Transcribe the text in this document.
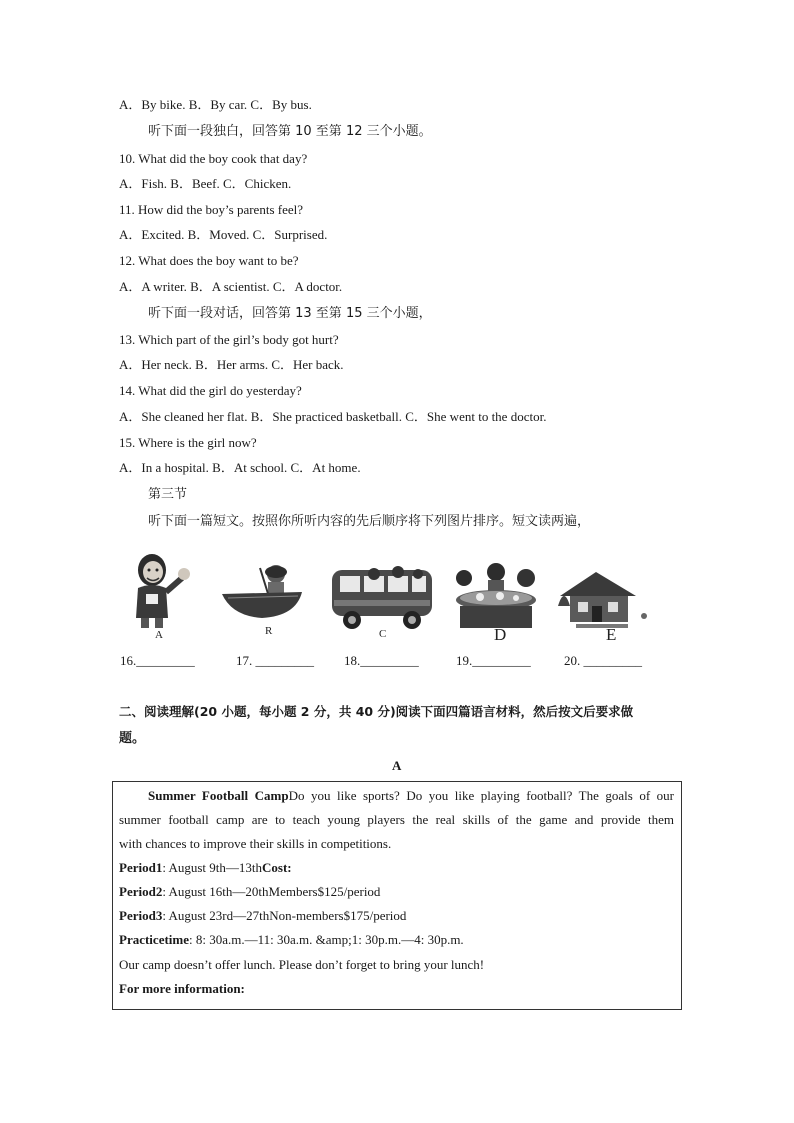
A．By bike. B．By car. C．By bus.
听下面一段独白，回答第 10 至第 12 三个小题。
10. What did the boy cook that day?
A．Fish. B．Beef. C．Chicken.
11. How did the boy’s parents feel?
A．Excited. B．Moved. C．Surprised.
12. What does the boy want to be?
A．A writer. B．A scientist. C．A doctor.
听下面一段对话，回答第 13 至第 15 三个小题，
13. Which part of the girl’s body got hurt?
A．Her neck. B．Her arms. C．Her back.
14. What did the girl do yesterday?
A．She cleaned her flat. B．She practiced basketball. C．She went to the doctor.
15. Where is the girl now?
A．In a hospital. B．At school. C．At home.
第三节
听下面一篇短文。按照你所听内容的先后顺序将下列图片排序。短文读两遍，
A	R	C	D	E
16._________	17. _________ 18._________	19._________	20. _________
二、阅读理解(20 小题，每小题 2 分，共 40 分)阅读下面四篇语言材料，然后按文后要求做
题。
A
Summer Football CampDo you like sports? Do you like playing football? The goals of our
summer football camp are to teach young players the real skills of the game and provide them
with chances to improve their skills in competitions.
Period1: August 9th—13thCost:
Period2: August 16th—20thMembers$125/period
Period3: August 23rd—27thNon-members$175/period
Practicetime: 8: 30a.m.—11: 30a.m. &amp;1: 30p.m.—4: 30p.m.
Our camp doesn’t offer lunch. Please don’t forget to bring your lunch!
For more information:
